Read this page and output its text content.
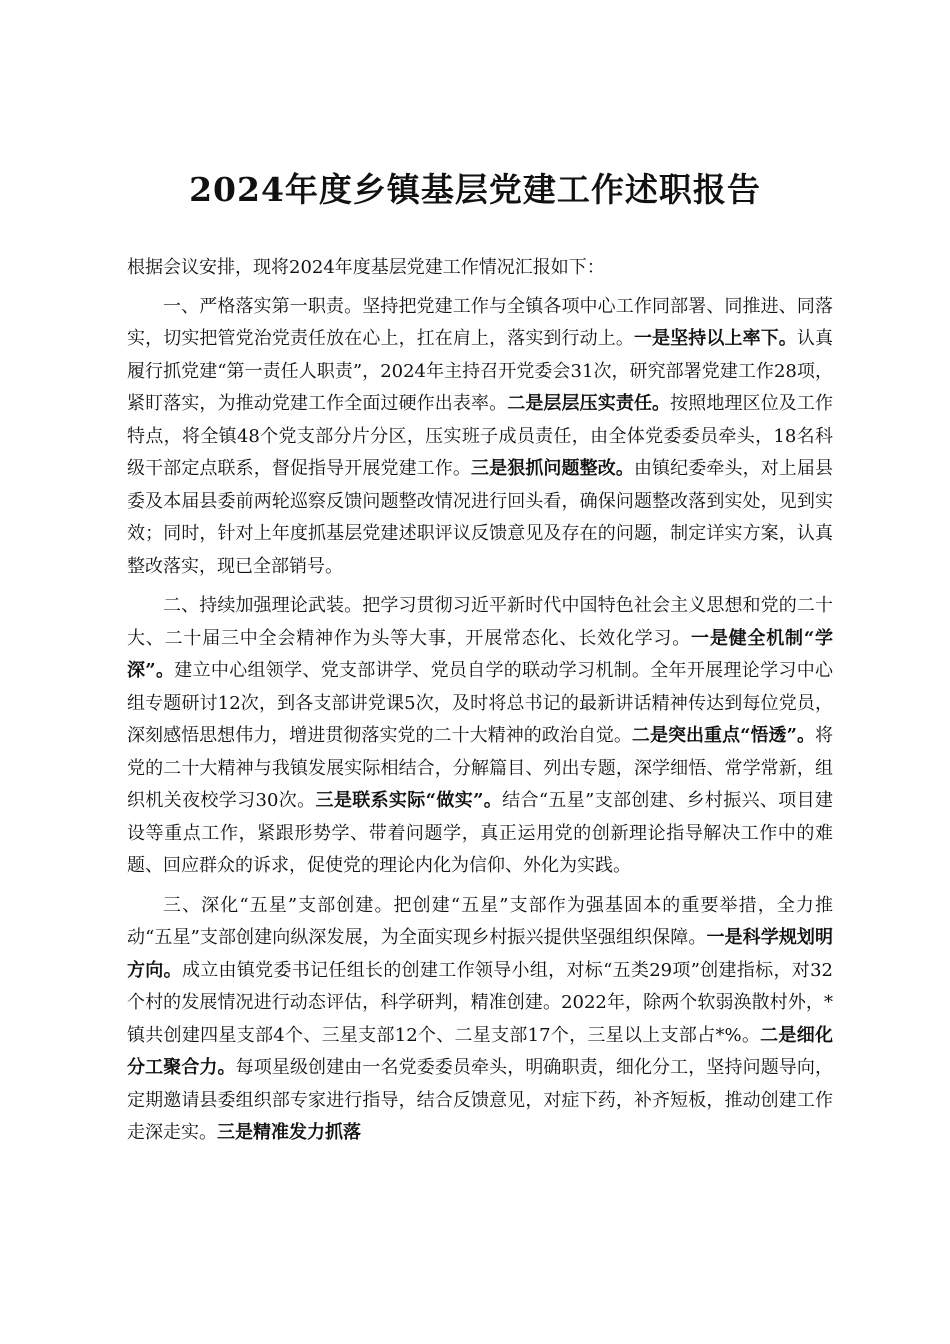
2024年度乡镇基层党建工作述职报告

根据会议安排，现将2024年度基层党建工作情况汇报如下：

一、严格落实第一职责。坚持把党建工作与全镇各项中心工作同部署、同推进、同落实，切实把管党治党责任放在心上，扛在肩上，落实到行动上。一是坚持以上率下。认真履行抓党建“第一责任人职责”，2024年主持召开党委会31次，研究部署党建工作28项，紧盯落实，为推动党建工作全面过硬作出表率。二是层层压实责任。按照地理区位及工作特点，将全镇48个党支部分片分区，压实班子成员责任，由全体党委委员牵头，18名科级干部定点联系，督促指导开展党建工作。三是狠抓问题整改。由镇纪委牵头，对上届县委及本届县委前两轮巡察反馈问题整改情况进行回头看，确保问题整改落到实处，见到实效；同时，针对上年度抓基层党建述职评议反馈意见及存在的问题，制定详实方案，认真整改落实，现已全部销号。

二、持续加强理论武装。把学习贯彻习近平新时代中国特色社会主义思想和党的二十大、二十届三中全会精神作为头等大事，开展常态化、长效化学习。一是健全机制“学深”。建立中心组领学、党支部讲学、党员自学的联动学习机制。全年开展理论学习中心组专题研讨12次，到各支部讲党课5次，及时将总书记的最新讲话精神传达到每位党员，深刻感悟思想伟力，增进贯彻落实党的二十大精神的政治自觉。二是突出重点“悟透”。将党的二十大精神与我镇发展实际相结合，分解篇目、列出专题，深学细悟、常学常新，组织机关夜校学习30次。三是联系实际“做实”。结合“五星”支部创建、乡村振兴、项目建设等重点工作，紧跟形势学、带着问题学，真正运用党的创新理论指导解决工作中的难题、回应群众的诉求，促使党的理论内化为信仰、外化为实践。

三、深化“五星”支部创建。把创建“五星”支部作为强基固本的重要举措，全力推动“五星”支部创建向纵深发展，为全面实现乡村振兴提供坚强组织保障。一是科学规划明方向。成立由镇党委书记任组长的创建工作领导小组，对标“五类29项”创建指标，对32个村的发展情况进行动态评估，科学研判，精准创建。2022年，除两个软弱涣散村外，*镇共创建四星支部4个、三星支部12个、二星支部17个，三星以上支部占*%。二是细化分工聚合力。每项星级创建由一名党委委员牵头，明确职责，细化分工，坚持问题导向，定期邀请县委组织部专家进行指导，结合反馈意见，对症下药，补齐短板，推动创建工作走深走实。三是精准发力抓落
